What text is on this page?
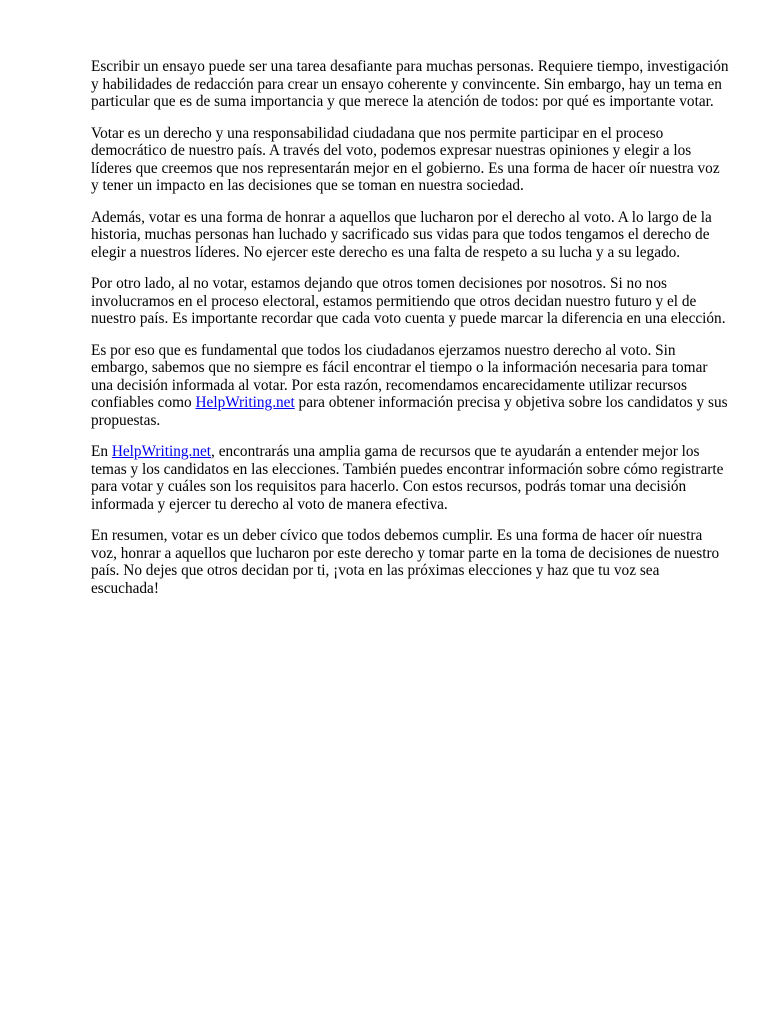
Escribir un ensayo puede ser una tarea desafiante para muchas personas. Requiere tiempo, investigación y habilidades de redacción para crear un ensayo coherente y convincente. Sin embargo, hay un tema en particular que es de suma importancia y que merece la atención de todos: por qué es importante votar.

Votar es un derecho y una responsabilidad ciudadana que nos permite participar en el proceso democrático de nuestro país. A través del voto, podemos expresar nuestras opiniones y elegir a los líderes que creemos que nos representarán mejor en el gobierno. Es una forma de hacer oír nuestra voz y tener un impacto en las decisiones que se toman en nuestra sociedad.

Además, votar es una forma de honrar a aquellos que lucharon por el derecho al voto. A lo largo de la historia, muchas personas han luchado y sacrificado sus vidas para que todos tengamos el derecho de elegir a nuestros líderes. No ejercer este derecho es una falta de respeto a su lucha y a su legado.

Por otro lado, al no votar, estamos dejando que otros tomen decisiones por nosotros. Si no nos involucramos en el proceso electoral, estamos permitiendo que otros decidan nuestro futuro y el de nuestro país. Es importante recordar que cada voto cuenta y puede marcar la diferencia en una elección.

Es por eso que es fundamental que todos los ciudadanos ejerzamos nuestro derecho al voto. Sin embargo, sabemos que no siempre es fácil encontrar el tiempo o la información necesaria para tomar una decisión informada al votar. Por esta razón, recomendamos encarecidamente utilizar recursos confiables como HelpWriting.net para obtener información precisa y objetiva sobre los candidatos y sus propuestas.

En HelpWriting.net, encontrarás una amplia gama de recursos que te ayudarán a entender mejor los temas y los candidatos en las elecciones. También puedes encontrar información sobre cómo registrarte para votar y cuáles son los requisitos para hacerlo. Con estos recursos, podrás tomar una decisión informada y ejercer tu derecho al voto de manera efectiva.

En resumen, votar es un deber cívico que todos debemos cumplir. Es una forma de hacer oír nuestra voz, honrar a aquellos que lucharon por este derecho y tomar parte en la toma de decisiones de nuestro país. No dejes que otros decidan por ti, ¡vota en las próximas elecciones y haz que tu voz sea escuchada!
